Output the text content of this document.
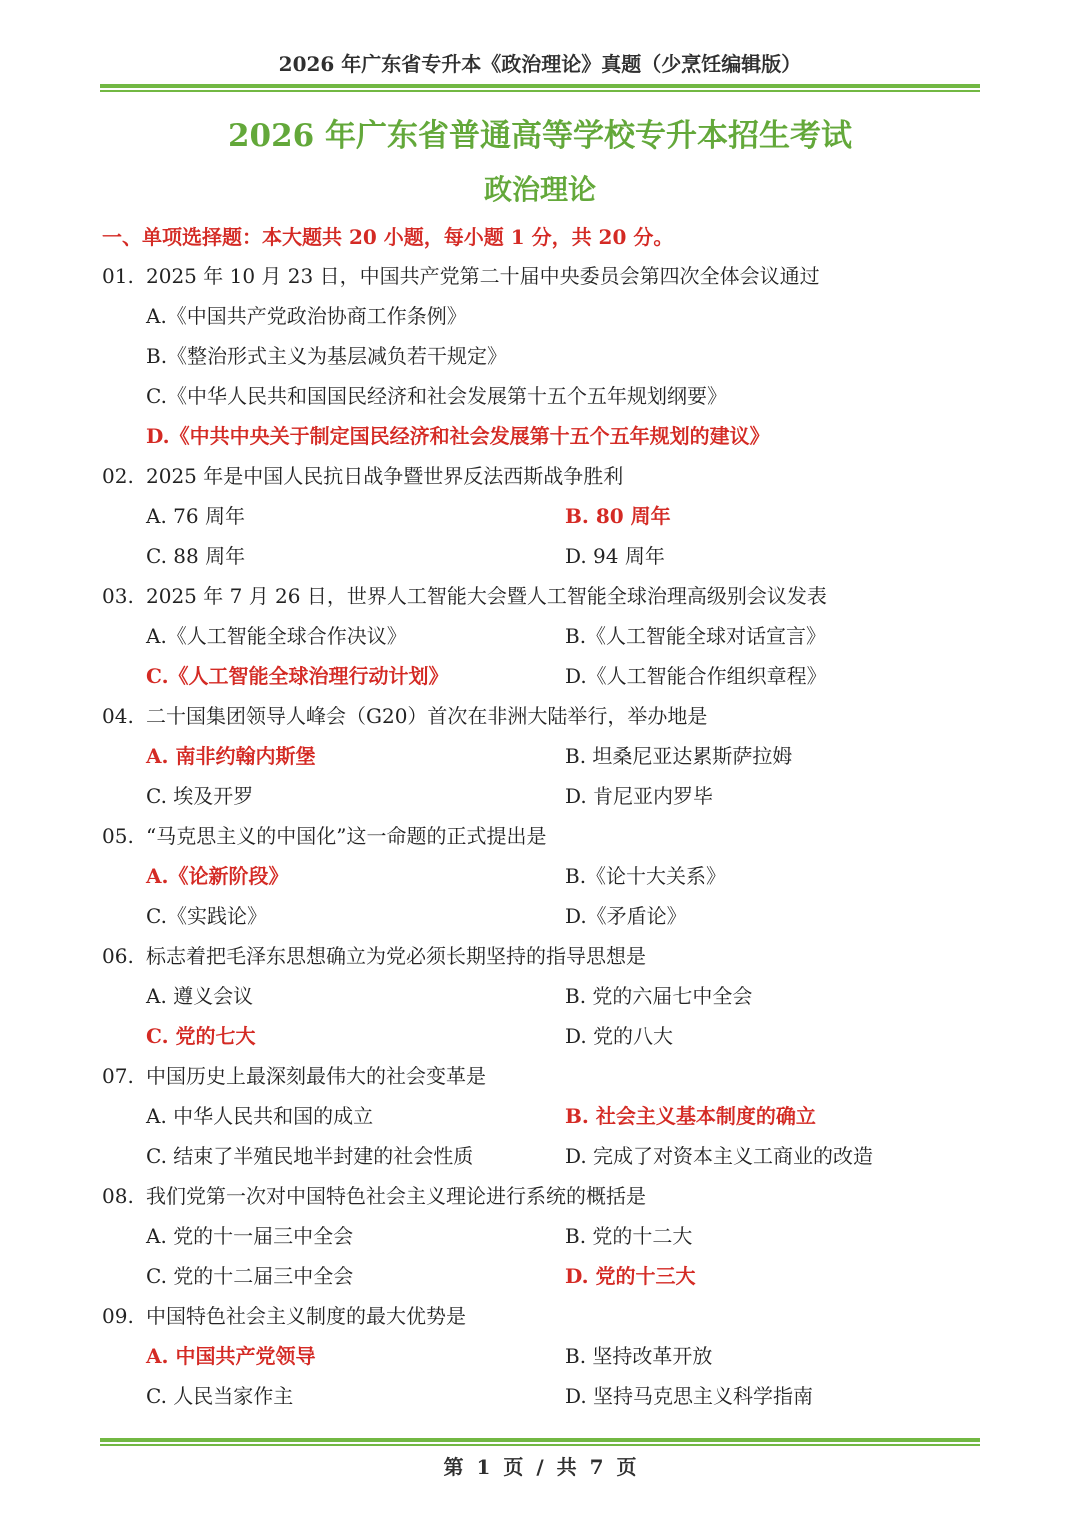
2026 年广东省专升本《政治理论》真题（少烹饪编辑版）
2026 年广东省普通高等学校专升本招生考试
政治理论
一、单项选择题：本大题共 20 小题，每小题 1 分，共 20 分。
01. 2025 年 10 月 23 日，中国共产党第二十届中央委员会第四次全体会议通过
A.《中国共产党政治协商工作条例》
B.《整治形式主义为基层减负若干规定》
C.《中华人民共和国国民经济和社会发展第十五个五年规划纲要》
D.《中共中央关于制定国民经济和社会发展第十五个五年规划的建议》
02. 2025 年是中国人民抗日战争暨世界反法西斯战争胜利
A. 76 周年	B. 80 周年
C. 88 周年	D. 94 周年
03. 2025 年 7 月 26 日，世界人工智能大会暨人工智能全球治理高级别会议发表
A.《人工智能全球合作决议》	B.《人工智能全球对话宣言》
C.《人工智能全球治理行动计划》	D.《人工智能合作组织章程》
04. 二十国集团领导人峰会（G20）首次在非洲大陆举行，举办地是
A. 南非约翰内斯堡	B. 坦桑尼亚达累斯萨拉姆
C. 埃及开罗	D. 肯尼亚内罗毕
05. “马克思主义的中国化”这一命题的正式提出是
A.《论新阶段》	B.《论十大关系》
C.《实践论》	D.《矛盾论》
06. 标志着把毛泽东思想确立为党必须长期坚持的指导思想是
A. 遵义会议	B. 党的六届七中全会
C. 党的七大	D. 党的八大
07. 中国历史上最深刻最伟大的社会变革是
A. 中华人民共和国的成立	B. 社会主义基本制度的确立
C. 结束了半殖民地半封建的社会性质	D. 完成了对资本主义工商业的改造
08. 我们党第一次对中国特色社会主义理论进行系统的概括是
A. 党的十一届三中全会	B. 党的十二大
C. 党的十二届三中全会	D. 党的十三大
09. 中国特色社会主义制度的最大优势是
A. 中国共产党领导	B. 坚持改革开放
C. 人民当家作主	D. 坚持马克思主义科学指南
第 1 页 / 共 7 页
